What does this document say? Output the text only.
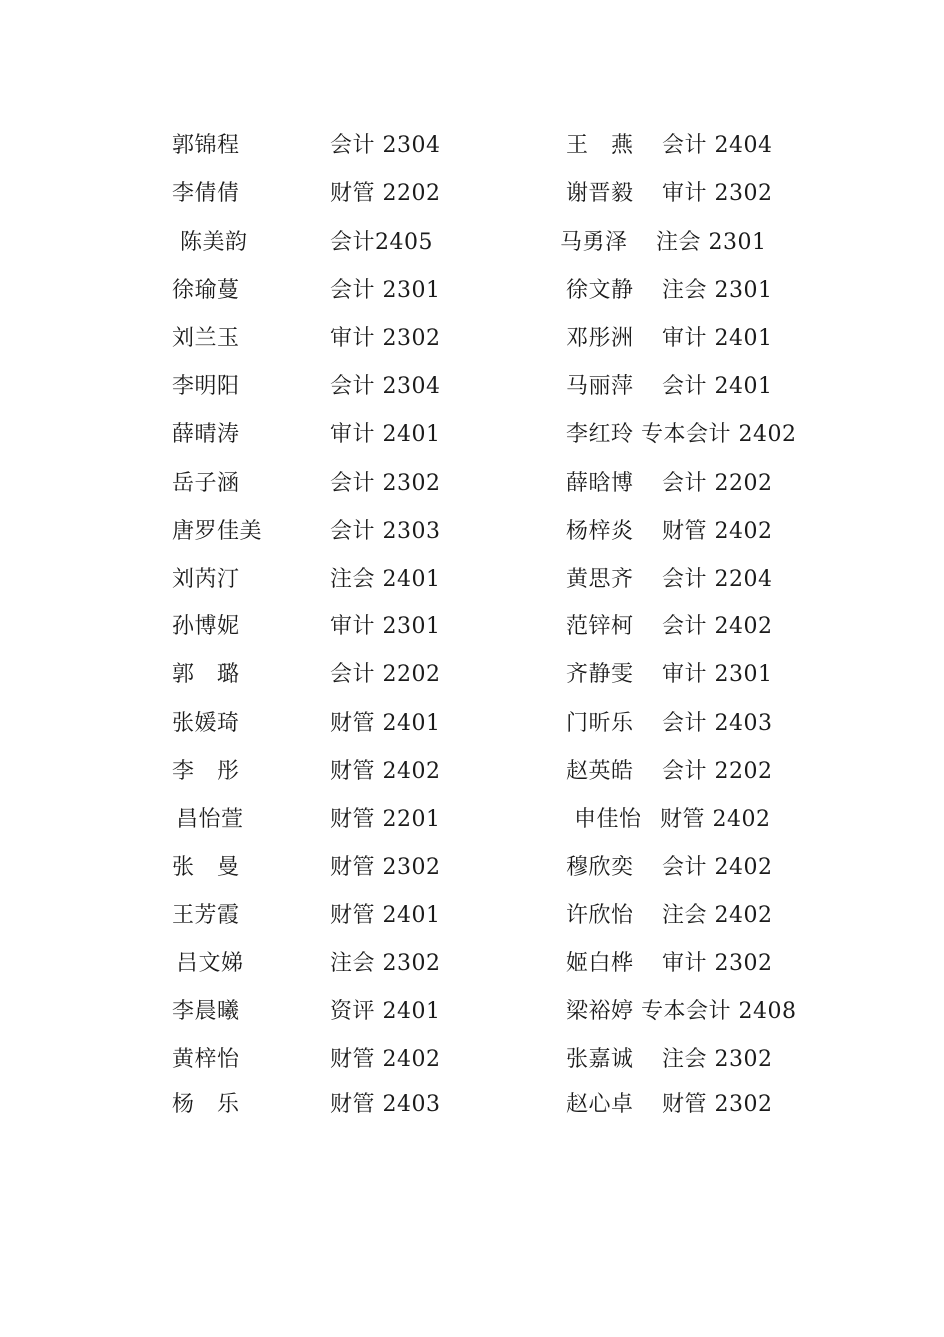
郭锦程	会计 2304	王　燕 会计 2404
李倩倩	财管 2202	谢晋毅 审计 2302
陈美韵	会计2405	马勇泽 注会 2301
徐瑜蔓	会计 2301	徐文静 注会 2301
刘兰玉	审计 2302	邓彤洲 审计 2401
李明阳	会计 2304	马丽萍 会计 2401
薛晴涛	审计 2401	李红玲 专本会计 2402
岳子涵	会计 2302	薛晗博 会计 2202
唐罗佳美	会计 2303	杨梓炎 财管 2402
刘芮汀	注会 2401	黄思齐 会计 2204
孙博妮	审计 2301	范锌柯 会计 2402
郭　璐	会计 2202	齐静雯 审计 2301
张媛琦	财管 2401	门昕乐 会计 2403
李　彤	财管 2402	赵英皓 会计 2202
昌怡萱	财管 2201	申佳怡 财管 2402
张　曼	财管 2302	穆欣奕 会计 2402
王芳霞	财管 2401	许欣怡 注会 2402
吕文娣	注会 2302	姬白桦 审计 2302
李晨曦	资评 2401	梁裕婷 专本会计 2408
黄梓怡	财管 2402	张嘉诚 注会 2302
杨　乐	财管 2403	赵心卓 财管 2302
